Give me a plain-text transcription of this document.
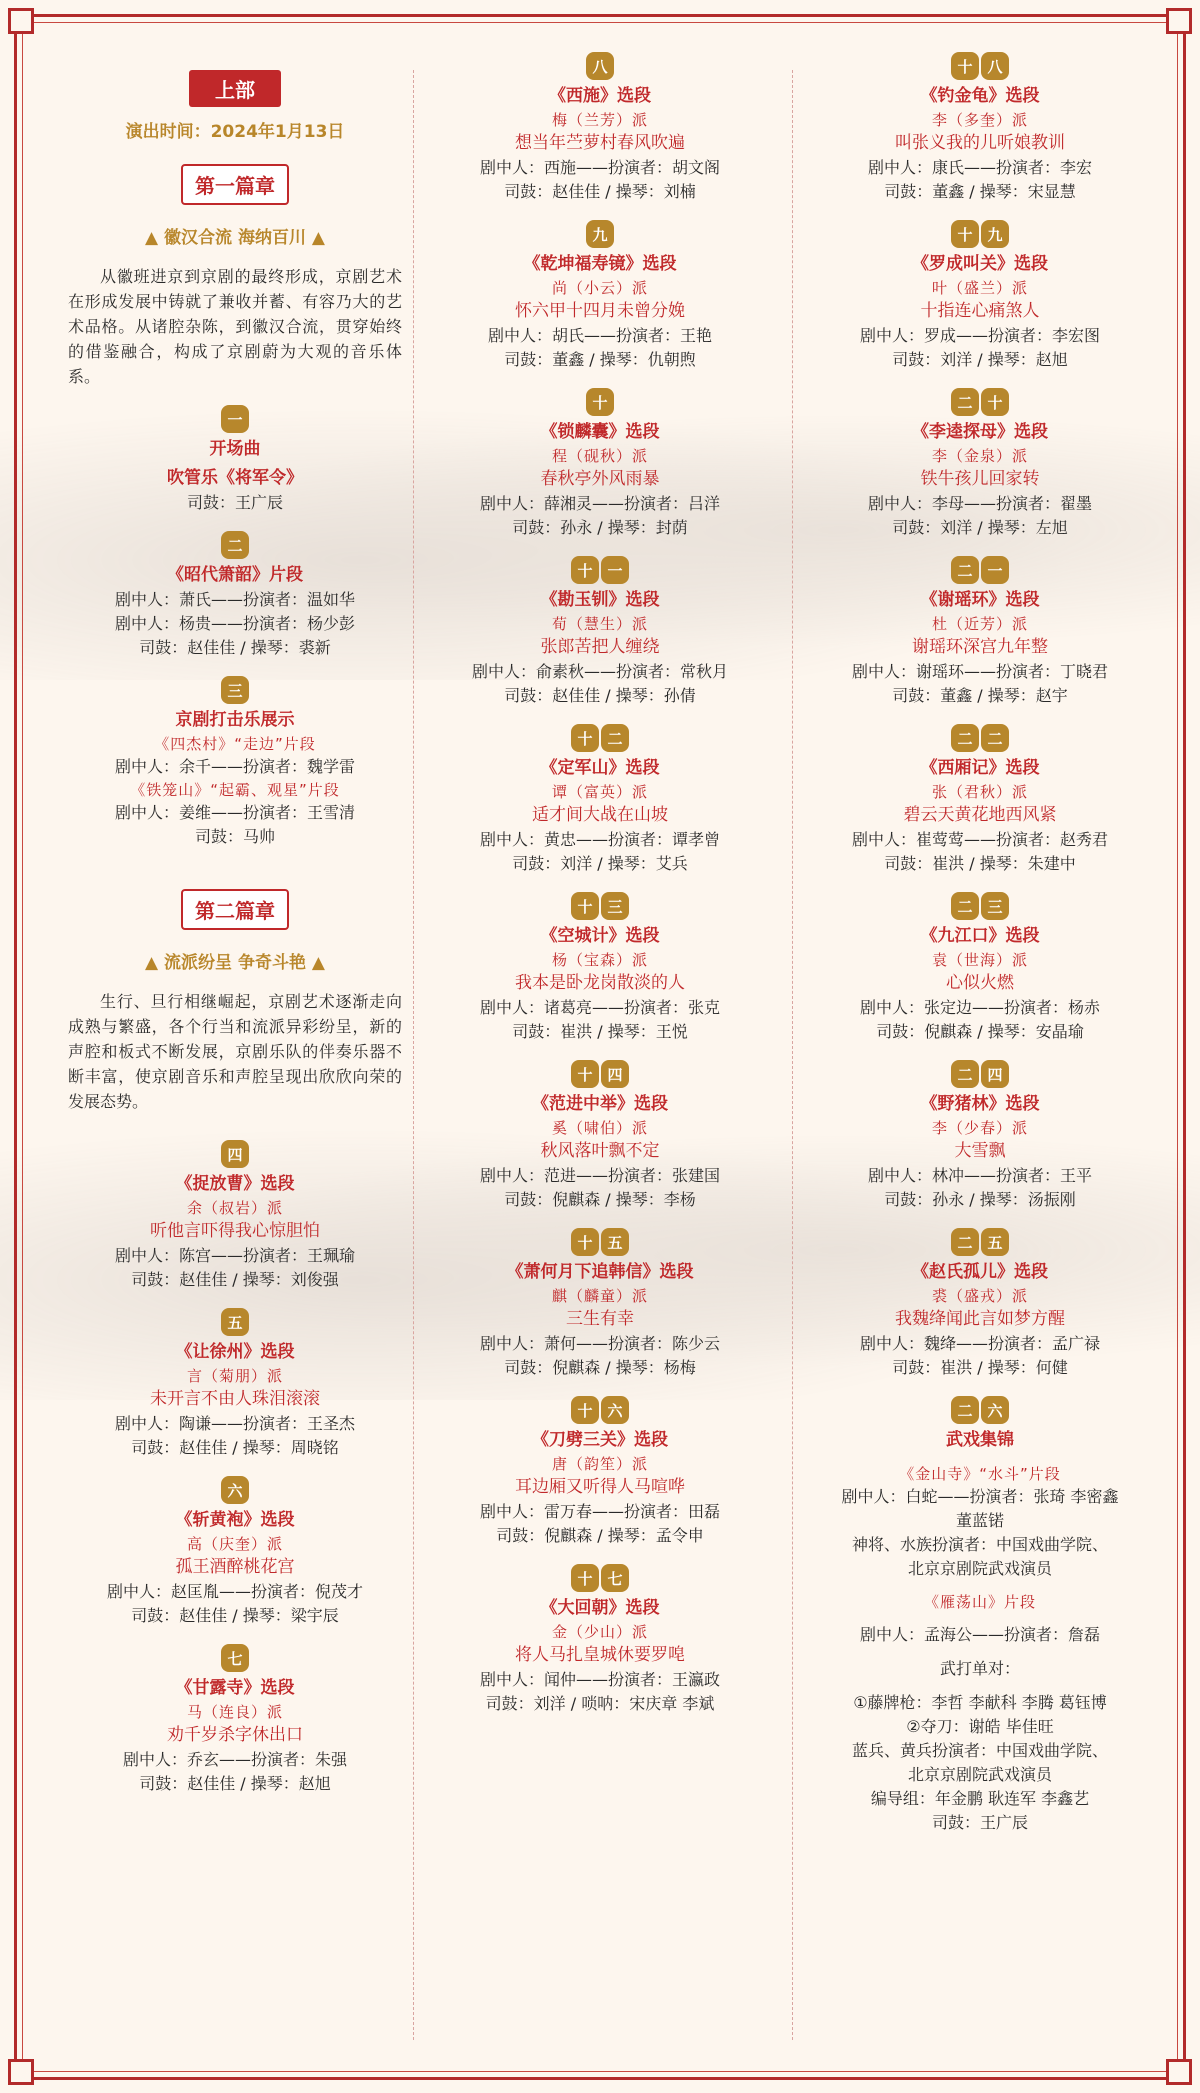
上部
演出时间：2024年1月13日
第一篇章
▲ 徽汉合流 海纳百川 ▲
从徽班进京到京剧的最终形成，京剧艺术在形成发展中铸就了兼收并蓄、有容乃大的艺术品格。从诸腔杂陈，到徽汉合流，贯穿始终的借鉴融合，构成了京剧蔚为大观的音乐体系。
一
开场曲
吹管乐《将军令》
司鼓：王广辰
二
《昭代箫韶》片段
剧中人：萧氏——扮演者：温如华
剧中人：杨贵——扮演者：杨少彭
司鼓：赵佳佳 / 操琴：裘新
三
京剧打击乐展示
《四杰村》“走边”片段
剧中人：余千——扮演者：魏学雷
《铁笼山》“起霸、观星”片段
剧中人：姜维——扮演者：王雪清
司鼓：马帅
第二篇章
▲ 流派纷呈 争奇斗艳 ▲
生行、旦行相继崛起，京剧艺术逐渐走向成熟与繁盛，各个行当和流派异彩纷呈，新的声腔和板式不断发展，京剧乐队的伴奏乐器不断丰富，使京剧音乐和声腔呈现出欣欣向荣的发展态势。
四
《捉放曹》选段
余（叔岩）派
听他言吓得我心惊胆怕
剧中人：陈宫——扮演者：王珮瑜
司鼓：赵佳佳 / 操琴：刘俊强
五
《让徐州》选段
言（菊朋）派
未开言不由人珠泪滚滚
剧中人：陶谦——扮演者：王圣杰
司鼓：赵佳佳 / 操琴：周晓铭
六
《斩黄袍》选段
高（庆奎）派
孤王酒醉桃花宫
剧中人：赵匡胤——扮演者：倪茂才
司鼓：赵佳佳 / 操琴：梁宇辰
七
《甘露寺》选段
马（连良）派
劝千岁杀字休出口
剧中人：乔玄——扮演者：朱强
司鼓：赵佳佳 / 操琴：赵旭
八
《西施》选段
梅（兰芳）派
想当年苎萝村春风吹遍
剧中人：西施——扮演者：胡文阁
司鼓：赵佳佳 / 操琴：刘楠
九
《乾坤福寿镜》选段
尚（小云）派
怀六甲十四月未曾分娩
剧中人：胡氏——扮演者：王艳
司鼓：董鑫 / 操琴：仇朝煦
十
《锁麟囊》选段
程（砚秋）派
春秋亭外风雨暴
剧中人：薛湘灵——扮演者：吕洋
司鼓：孙永 / 操琴：封荫
十 一
《勘玉钏》选段
荀（慧生）派
张郎苦把人缠绕
剧中人：俞素秋——扮演者：常秋月
司鼓：赵佳佳 / 操琴：孙倩
十 二
《定军山》选段
谭（富英）派
适才间大战在山坡
剧中人：黄忠——扮演者：谭孝曾
司鼓：刘洋 / 操琴：艾兵
十 三
《空城计》选段
杨（宝森）派
我本是卧龙岗散淡的人
剧中人：诸葛亮——扮演者：张克
司鼓：崔洪 / 操琴：王悦
十 四
《范进中举》选段
奚（啸伯）派
秋风落叶飘不定
剧中人：范进——扮演者：张建国
司鼓：倪麒森 / 操琴：李杨
十 五
《萧何月下追韩信》选段
麒（麟童）派
三生有幸
剧中人：萧何——扮演者：陈少云
司鼓：倪麒森 / 操琴：杨梅
十 六
《刀劈三关》选段
唐（韵笙）派
耳边厢又听得人马喧哗
剧中人：雷万春——扮演者：田磊
司鼓：倪麒森 / 操琴：孟令申
十 七
《大回朝》选段
金（少山）派
将人马扎皇城休要罗唣
剧中人：闻仲——扮演者：王瀛政
司鼓：刘洋 / 唢呐：宋庆章 李斌
十 八
《钓金龟》选段
李（多奎）派
叫张义我的儿听娘教训
剧中人：康氏——扮演者：李宏
司鼓：董鑫 / 操琴：宋显慧
十 九
《罗成叫关》选段
叶（盛兰）派
十指连心痛煞人
剧中人：罗成——扮演者：李宏图
司鼓：刘洋 / 操琴：赵旭
二 十
《李逵探母》选段
李（金泉）派
铁牛孩儿回家转
剧中人：李母——扮演者：翟墨
司鼓：刘洋 / 操琴：左旭
二 一
《谢瑶环》选段
杜（近芳）派
谢瑶环深宫九年整
剧中人：谢瑶环——扮演者：丁晓君
司鼓：董鑫 / 操琴：赵宇
二 二
《西厢记》选段
张（君秋）派
碧云天黄花地西风紧
剧中人：崔莺莺——扮演者：赵秀君
司鼓：崔洪 / 操琴：朱建中
二 三
《九江口》选段
袁（世海）派
心似火燃
剧中人：张定边——扮演者：杨赤
司鼓：倪麒森 / 操琴：安晶瑜
二 四
《野猪林》选段
李（少春）派
大雪飘
剧中人：林冲——扮演者：王平
司鼓：孙永 / 操琴：汤振刚
二 五
《赵氏孤儿》选段
裘（盛戎）派
我魏绛闻此言如梦方醒
剧中人：魏绛——扮演者：孟广禄
司鼓：崔洪 / 操琴：何健
二 六
武戏集锦
《金山寺》“水斗”片段
剧中人：白蛇——扮演者：张琦 李密鑫
董蓝锘
神将、水族扮演者：中国戏曲学院、
北京京剧院武戏演员
《雁荡山》片段
剧中人：孟海公——扮演者：詹磊
武打单对：
①藤牌枪：李哲 李献科 李腾 葛钰博
②夺刀：谢皓 毕佳旺
蓝兵、黄兵扮演者：中国戏曲学院、
北京京剧院武戏演员
编导组：年金鹏 耿连军 李鑫艺
司鼓：王广辰
